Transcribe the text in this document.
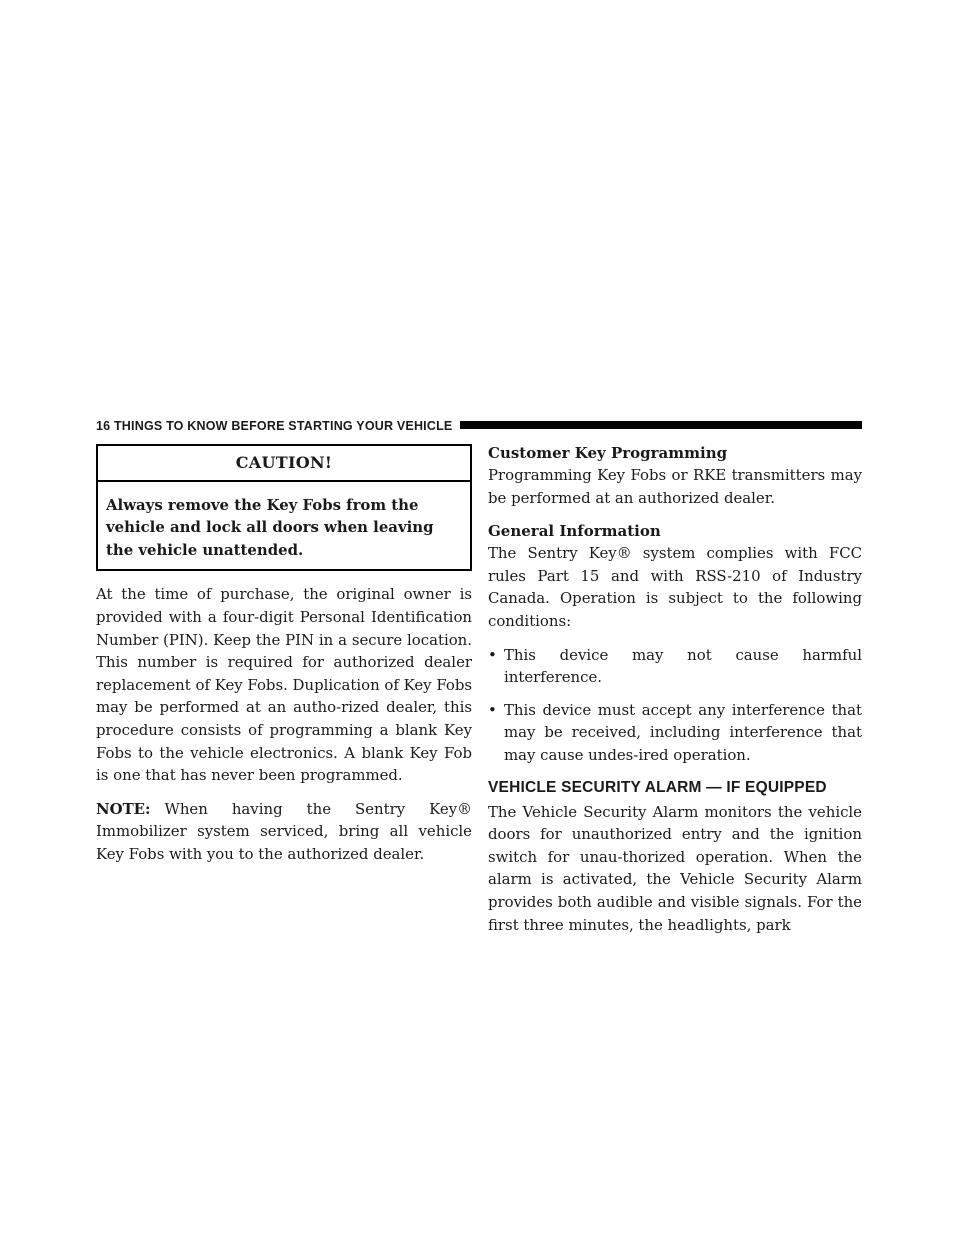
16 THINGS TO KNOW BEFORE STARTING YOUR VEHICLE
CAUTION!
Always remove the Key Fobs from the vehicle and lock all doors when leaving the vehicle unattended.

At the time of purchase, the original owner is provided with a four-digit Personal Identification Number (PIN). Keep the PIN in a secure location. This number is required for authorized dealer replacement of Key Fobs. Duplication of Key Fobs may be performed at an autho-rized dealer, this procedure consists of programming a blank Key Fobs to the vehicle electronics. A blank Key Fob is one that has never been programmed.

NOTE: When having the Sentry Key® Immobilizer system serviced, bring all vehicle Key Fobs with you to the authorized dealer.

Customer Key Programming

Programming Key Fobs or RKE transmitters may be performed at an authorized dealer.

General Information

The Sentry Key® system complies with FCC rules Part 15 and with RSS-210 of Industry Canada. Operation is subject to the following conditions:

• This device may not cause harmful interference.
• This device must accept any interference that may be received, including interference that may cause undes-ired operation.
VEHICLE SECURITY ALARM — IF EQUIPPED

The Vehicle Security Alarm monitors the vehicle doors for unauthorized entry and the ignition switch for unau-thorized operation. When the alarm is activated, the Vehicle Security Alarm provides both audible and visible signals. For the first three minutes, the headlights, park
